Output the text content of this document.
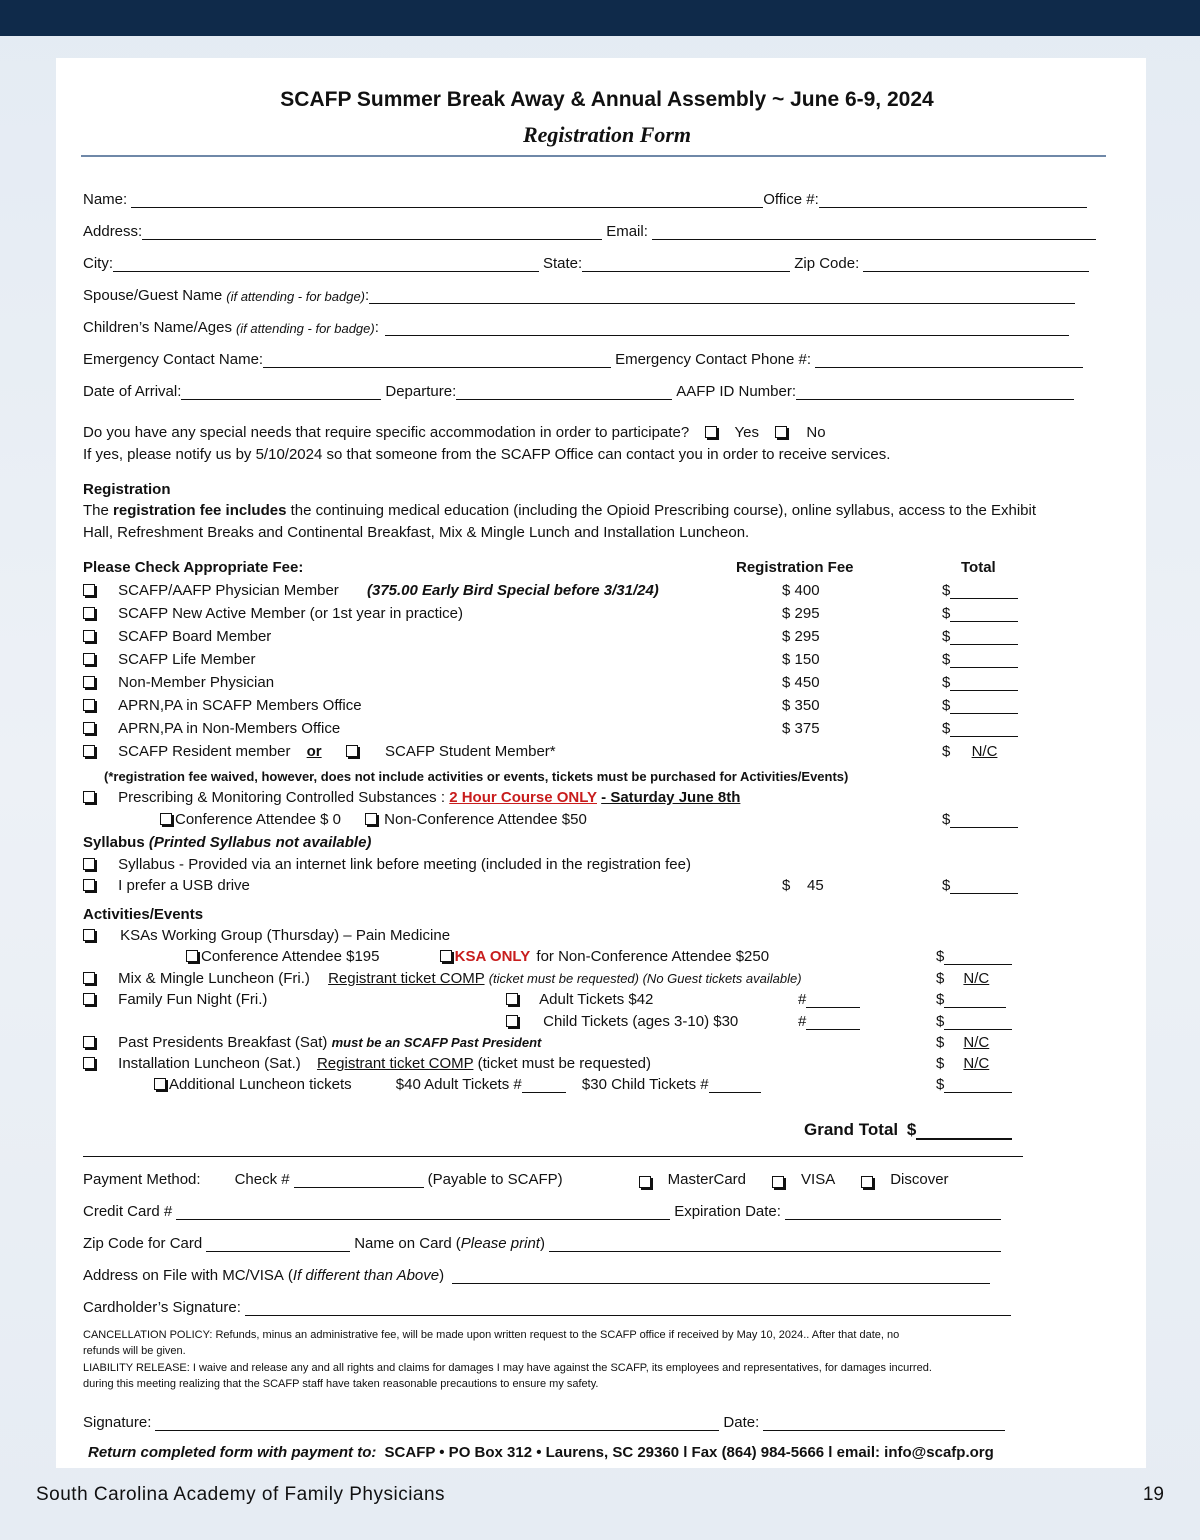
SCAFP Summer Break Away & Annual Assembly ~ June 6-9, 2024
Registration Form
Name:	Office #:
Address:	Email:
City:	State:	Zip Code:
Spouse/Guest Name (if attending - for badge) :
Children’s Name/Ages (if attending - for badge) :
Emergency Contact Name:	Emergency Contact Phone #:
Date of Arrival:	Departure:	AAFP ID Number:
Do you have any special needs that require specific accommodation in order to participate?	Yes	No
If yes, please notify us by 5/10/2024 so that someone from the SCAFP Office can contact you in order to receive services.
Registration
The registration fee includes the continuing medical education (including the Opioid Prescribing course), online syllabus, access to the Exhibit
Hall, Refreshment Breaks and Continental Breakfast, Mix & Mingle Lunch and Installation Luncheon.
Please Check Appropriate Fee:	Registration Fee	Total
SCAFP/AAFP Physician Member (375.00 Early Bird Special before 3/31/24)	$ 400	$
SCAFP New Active Member (or 1st year in practice)	$ 295	$
SCAFP Board Member	$ 295	$
SCAFP Life Member	$ 150	$
Non-Member Physician	$ 450	$
APRN,PA in SCAFP Members Office	$ 350	$
APRN,PA in Non-Members Office	$ 375	$
SCAFP Resident member or	SCAFP Student Member*	$ N/C
(*registration fee waived, however, does not include activities or events, tickets must be purchased for Activities/Events)
Prescribing & Monitoring Controlled Substances : 2 Hour Course ONLY - Saturday June 8th
Conference Attendee $ 0	Non-Conference Attendee $50	$
Syllabus (Printed Syllabus not available)
Syllabus - Provided via an internet link before meeting (included in the registration fee)
I prefer a USB drive	$    45	$
Activities/Events
KSAs Working Group (Thursday) – Pain Medicine
Conference Attendee $195	KSA ONLY for Non-Conference Attendee $250	$
Mix & Mingle Luncheon (Fri.) Registrant ticket COMP (ticket must be requested) (No Guest tickets available)	$ N/C
Family Fun Night (Fri.)	Adult Tickets $42	#	$
Child Tickets (ages 3-10) $30	#	$
Past Presidents Breakfast (Sat) must be an SCAFP Past President	$ N/C
Installation Luncheon (Sat.) Registrant ticket COMP (ticket must be requested)	$ N/C
Additional Luncheon tickets	$40 Adult Tickets #	$30 Child Tickets #	$
Grand Total $
Payment Method: Check #	(Payable to SCAFP)	MasterCard	VISA	Discover
Credit Card #	Expiration Date:
Zip Code for Card	Name on Card ( Please print )
Address on File with MC/VISA ( If different than Above )
Cardholder’s Signature:
CANCELLATION POLICY: Refunds, minus an administrative fee, will be made upon written request to the SCAFP office if received by May 10, 2024.. After that date, no
refunds will be given.
LIABILITY RELEASE: I waive and release any and all rights and claims for damages I may have against the SCAFP, its employees and representatives, for damages incurred.
during this meeting realizing that the SCAFP staff have taken reasonable precautions to ensure my safety.
Signature:	Date:
Return completed form with payment to: SCAFP • PO Box 312 • Laurens, SC 29360 l Fax (864) 984-5666 l email: info@scafp.org
South Carolina Academy of Family Physicians	19
